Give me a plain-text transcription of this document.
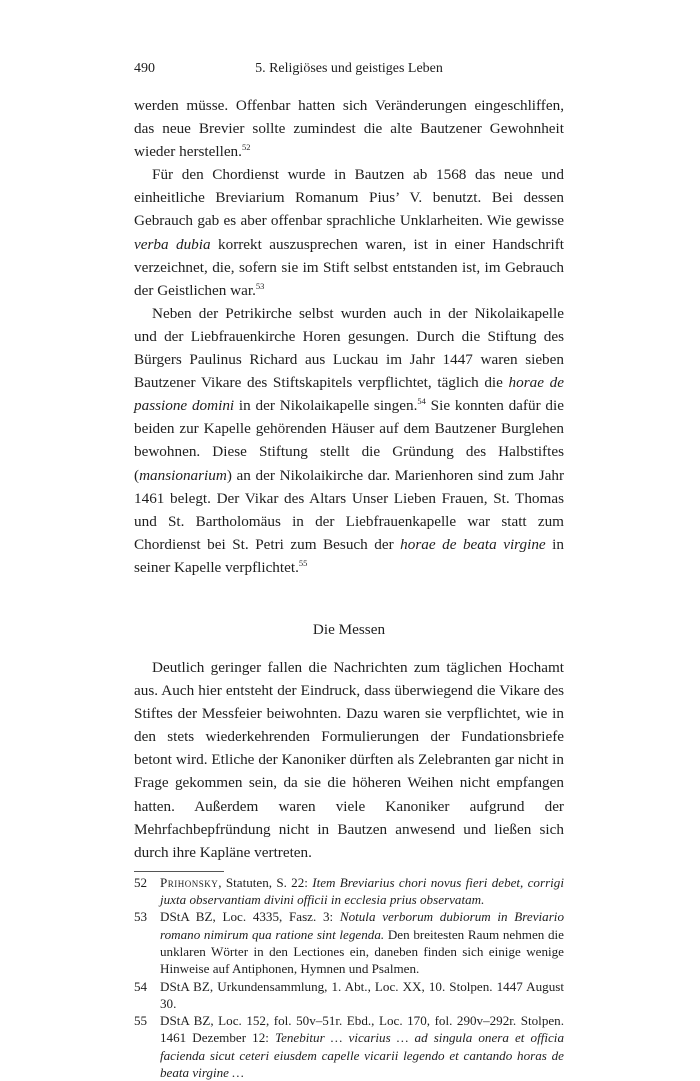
490	5. Religiöses und geistiges Leben

werden müsse. Offenbar hatten sich Veränderungen eingeschliffen, das neue Brevier sollte zumindest die alte Bautzener Gewohnheit wieder herstellen.$^{52}$

Für den Chordienst wurde in Bautzen ab 1568 das neue und einheitliche Breviarium Romanum Pius’ V. benutzt. Bei dessen Gebrauch gab es aber offenbar sprachliche Unklarheiten. Wie gewisse verba dubia korrekt auszusprechen waren, ist in einer Handschrift verzeichnet, die, sofern sie im Stift selbst entstanden ist, im Gebrauch der Geistlichen war.$^{53}$

Neben der Petrikirche selbst wurden auch in der Nikolaikapelle und der Liebfrauenkirche Horen gesungen. Durch die Stiftung des Bürgers Paulinus Richard aus Luckau im Jahr 1447 waren sieben Bautzener Vikare des Stiftskapitels verpflichtet, täglich die horae de passione domini in der Nikolaikapelle singen.$^{54}$ Sie konnten dafür die beiden zur Kapelle gehörenden Häuser auf dem Bautzener Burglehen bewohnen. Diese Stiftung stellt die Gründung des Halbstiftes (mansionarium) an der Nikolaikirche dar. Marienhoren sind zum Jahr 1461 belegt. Der Vikar des Altars Unser Lieben Frauen, St. Thomas und St. Bartholomäus in der Liebfrauenkapelle war statt zum Chordienst bei St. Petri zum Besuch der horae de beata virgine in seiner Kapelle verpflichtet.$^{55}$

Die Messen

Deutlich geringer fallen die Nachrichten zum täglichen Hochamt aus. Auch hier entsteht der Eindruck, dass überwiegend die Vikare des Stiftes der Messfeier beiwohnten. Dazu waren sie verpflichtet, wie in den stets wiederkehrenden Formulierungen der Fundationsbriefe betont wird. Etliche der Kanoniker dürften als Zelebranten gar nicht in Frage gekommen sein, da sie die höheren Weihen nicht empfangen hatten. Außerdem waren viele Kanoniker aufgrund der Mehrfachbepfründung nicht in Bautzen anwesend und ließen sich durch ihre Kapläne vertreten.

52 Prihonsky, Statuten, S. 22: Item Breviarius chori novus fieri debet, corrigi juxta observantiam divini officii in ecclesia prius observatam.
53 DStA BZ, Loc. 4335, Fasz. 3: Notula verborum dubiorum in Breviario romano nimirum qua ratione sint legenda. Den breitesten Raum nehmen die unklaren Wörter in den Lectiones ein, daneben finden sich einige wenige Hinweise auf Antiphonen, Hymnen und Psalmen.
54 DStA BZ, Urkundensammlung, 1. Abt., Loc. XX, 10. Stolpen. 1447 August 30.
55 DStA BZ, Loc. 152, fol. 50v–51r. Ebd., Loc. 170, fol. 290v–292r. Stolpen. 1461 Dezember 12: Tenebitur … vicarius … ad singula onera et officia facienda sicut ceteri eiusdem capelle vicarii legendo et cantando horas de beata virgine …
